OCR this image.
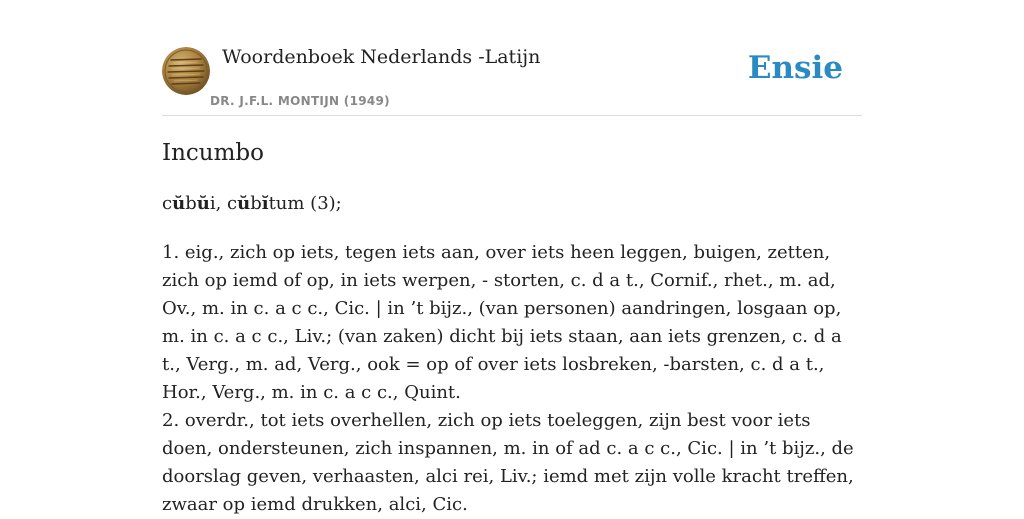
Woordenboek Nederlands -Latijn
DR. J.F.L. MONTIJN (1949)
Ensie
Incumbo

cŭbŭi, cŭbĭtum (3);

1. eig., zich op iets, tegen iets aan, over iets heen leggen, buigen, zetten, zich op iemd of op, in iets werpen, - storten, c. d a t., Cornif., rhet., m. ad, Ov., m. in c. a c c., Cic. | in ’t bijz., (van personen) aandringen, losgaan op, m. in c. a c c., Liv.; (van zaken) dicht bij iets staan, aan iets grenzen, c. d a t., Verg., m. ad, Verg., ook = op of over iets losbreken, -barsten, c. d a t., Hor., Verg., m. in c. a c c., Quint.

2. overdr., tot iets overhellen, zich op iets toeleggen, zijn best voor iets doen, ondersteunen, zich inspannen, m. in of ad c. a c c., Cic. | in ’t bijz., de doorslag geven, verhaasten, alci rei, Liv.; iemd met zijn volle kracht treffen, zwaar op iemd drukken, alci, Cic.
